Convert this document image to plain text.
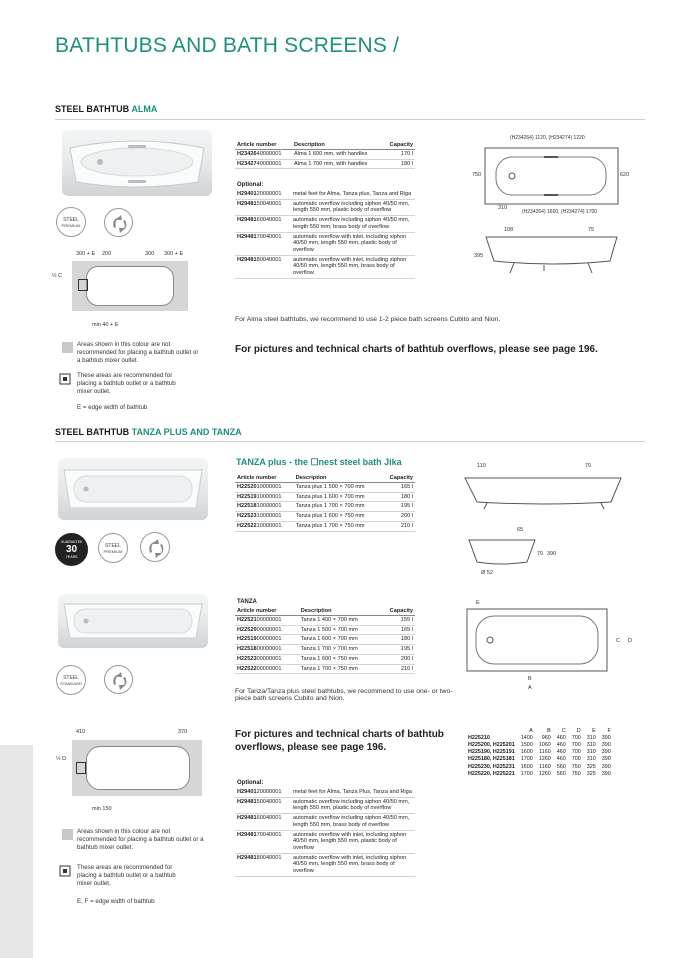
BATHTUBS AND BATH SCREENS /
STEEL BATHTUB ALMA
STEEL
PREMIUM
300 + E 200	300 300 + E
½ C
min 40 + E
Areas shown in this colour are not recommended for placing a bathtub outlet or a bathtub mixer outlet.
These areas are recommended for placing a bathtub outlet or a bathtub mixer outlet.
E = edge width of bathtub
Article number	Description	Capacity
H2342640000001	Alma 1 600 mm, with handles	170 l
H2342740000001	Alma 1 700 mm, with handles	180 l
Optional:
H2940120000001	metal feet for Alma, Tanza plus, Tanza and Riga
H2948150040001	automatic overflow including siphon 40/50 mm, length 550 mm, plastic body of overflow
H2948160040001	automatic overflow including siphon 40/50 mm, length 550 mm, brass body of overflow
H2948170040001	automatic overflow with inlet, including siphon 40/50 mm, length 550 mm, plastic body of overflow
H2948180040001	automatic overflow with inlet, including siphon 40/50 mm, length 550 mm, brass body of overflow
(H234264) 1120, (H234274) 1220
750	620
310
(H234264) 1600, (H234274) 1700
108	75
395
For Alma steel bathtubs, we recommend to use 1-2 piece bath screens Cubito and Nion.
For pictures and technical charts of bathtub overflows, please see page 196.
STEEL BATHTUB TANZA PLUS AND TANZA
GUARANTEE
30
YEARS
STEEL
PREMIUM
TANZA plus - the ☐nest steel bath Jika
Article number	Description	Capacity
H2252010000001	Tanza plus 1 500 × 700 mm	165 l
H2251910000001	Tanza plus 1 600 × 700 mm	180 l
H2251810000001	Tanza plus 1 700 × 700 mm	195 l
H2252310000001	Tanza plus 1 600 × 750 mm	200 l
H2252210000001	Tanza plus 1 700 × 750 mm	210 l
110	70
65
70 390
Ø 52
STEEL
STANDARD
TANZA
Article number	Description	Capacity
H2252100000001	Tanza 1 400 × 700 mm	155 l
H2252000000001	Tanza 1 500 × 700 mm	165 l
H2251900000001	Tanza 1 600 × 700 mm	180 l
H2251800000001	Tanza 1 700 × 700 mm	195 l
H2252300000001	Tanza 1 600 × 750 mm	200 l
H2252200000001	Tanza 1 700 × 750 mm	210 l
E
C D
B
A
For Tanza/Tanza plus steel bathtubs, we recommend to use one- or two-piece bath screens Cubito and Nion.
For pictures and technical charts of bathtub overflows, please see page 196.
410	370
½ D
min 150
	A	B	C	D	E	F
H225210	1400	960	460	700	310	390
H225200, H225201	1500	1060	460	700	310	390
H225190, H225191	1600	1160	460	700	310	390
H225180, H225181	1700	1260	460	700	310	390
H225230, H225231	1600	1160	560	750	325	390
H225220, H225221	1700	1260	560	750	325	390
Optional:
H2940120000001	metal feet for Alma, Tanza Plus, Tanza and Riga
H2948150040001	automatic overflow including siphon 40/50 mm, length 550 mm, plastic body of overflow
H2948160040001	automatic overflow including siphon 40/50 mm, length 550 mm, brass body of overflow
H2948170040001	automatic overflow with inlet, including siphon 40/50 mm, length 550 mm, plastic body of overflow
H2948180040001	automatic overflow with inlet, including siphon 40/50 mm, length 550 mm, brass body of overflow
Areas shown in this colour are not recommended for placing a bathtub outlet or a bathtub mixer outlet.
These areas are recommended for placing a bathtub outlet or a bathtub mixer outlet.
E, F = edge width of bathtub
